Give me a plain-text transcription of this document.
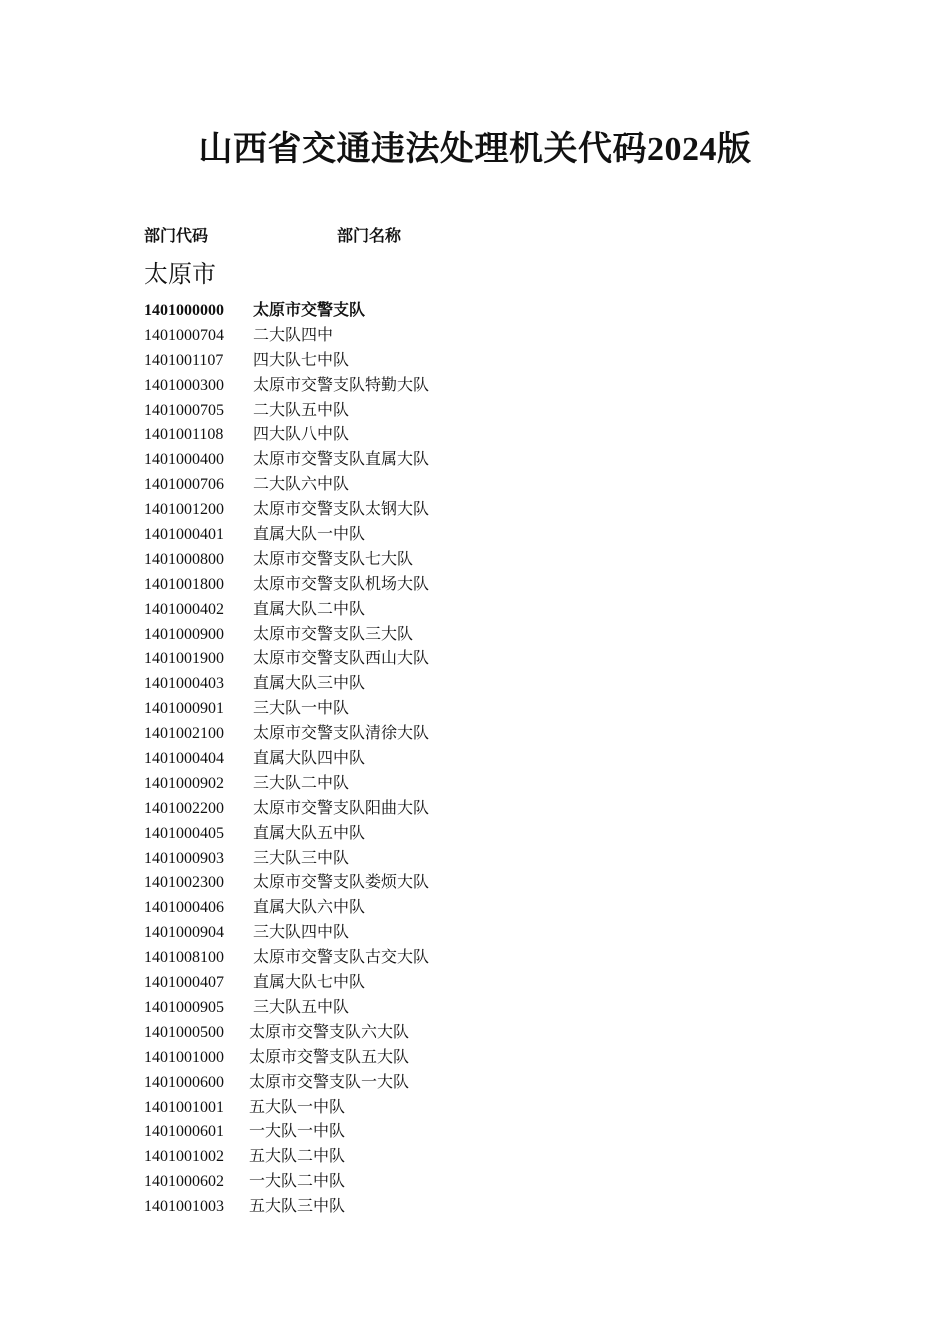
山西省交通违法处理机关代码2024版
部门代码	部门名称
太原市
1401000000 太原市交警支队
1401000704 二大队四中
1401001107 四大队七中队
1401000300 太原市交警支队特勤大队
1401000705 二大队五中队
1401001108 四大队八中队
1401000400 太原市交警支队直属大队
1401000706 二大队六中队
1401001200 太原市交警支队太钢大队
1401000401 直属大队一中队
1401000800 太原市交警支队七大队
1401001800 太原市交警支队机场大队
1401000402 直属大队二中队
1401000900 太原市交警支队三大队
1401001900 太原市交警支队西山大队
1401000403 直属大队三中队
1401000901 三大队一中队
1401002100 太原市交警支队清徐大队
1401000404 直属大队四中队
1401000902 三大队二中队
1401002200 太原市交警支队阳曲大队
1401000405 直属大队五中队
1401000903 三大队三中队
1401002300 太原市交警支队娄烦大队
1401000406 直属大队六中队
1401000904 三大队四中队
1401008100 太原市交警支队古交大队
1401000407 直属大队七中队
1401000905 三大队五中队
1401000500 太原市交警支队六大队
1401001000 太原市交警支队五大队
1401000600 太原市交警支队一大队
1401001001 五大队一中队
1401000601 一大队一中队
1401001002 五大队二中队
1401000602 一大队二中队
1401001003 五大队三中队
